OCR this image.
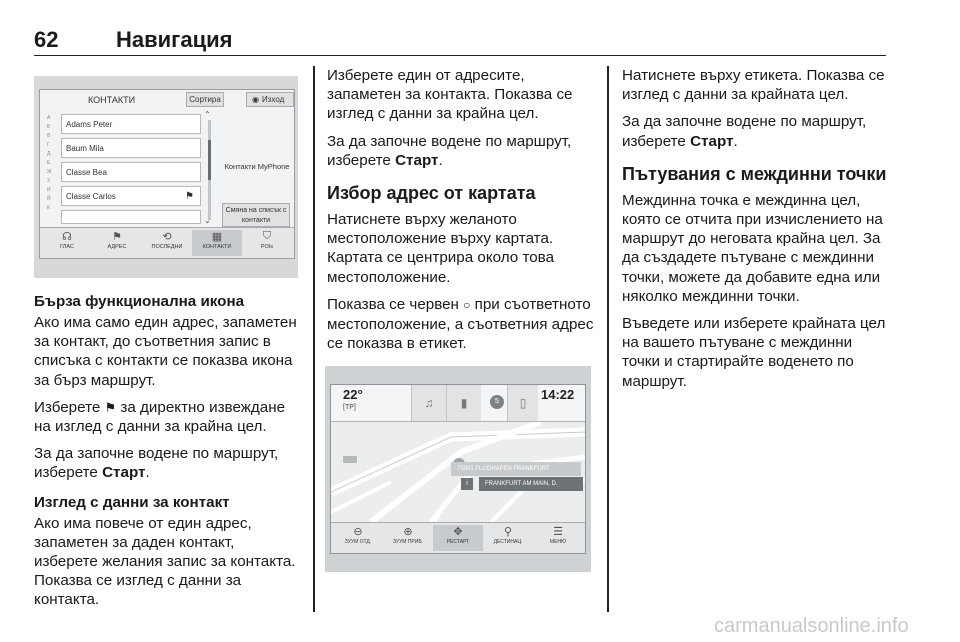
62	Навигация
КОНТАКТИ	Сортира	◉ Изход
А
Б
В
Г
Д
Е
Ж
З
И
Й
К
Adams Peter
Baum Mila
Classe Bea
Classe Carlos	⚑
⌃
⌄
Контакти MyPhone
Смяна на списък с контакти
☊
ГЛАС
⚑
АДРЕС
⟲
ПОСЛЕДНИ
▦
КОНТАКТИ
⛉
POIs
Бърза функционална икона

Ако има само един адрес, запаметен за контакт, до съответния запис в списъка с контакти се показва икона за бърз маршрут.

Изберете ⚑ за директно извеждане на изглед с данни за крайна цел.

За да започне водене по маршрут, изберете Старт.

Изглед с данни за контакт

Ако има повече от един адрес, запаметен за даден контакт, изберете желания запис за контакта. Показва се изглед с данни за контакта.

Изберете един от адресите, запаметен за контакта. Показва се изглед с данни за крайна цел.

За да започне водене по маршрут, изберете Старт.

Избор адрес от картата

Натиснете върху желаното местоположение върху картата. Картата се центрира около това местоположение.

Показва се червен ○ при съответното местоположение, а съответния адрес се показва в етикет.

22°
[TP]	♫	▮	5	▯
14:22
75001 FLUGHAFEN FRANKFURT
i	FRANKFURT AM MAIN, D.
⊖
ЗУУМ ОТД.
⊕
ЗУУМ ПРИБ.
✥
РЕСТАРТ
⚲
ДЕСТИНАЦ.
☰
МЕНЮ

Натиснете върху етикета. Показва се изглед с данни за крайната цел.

За да започне водене по маршрут, изберете Старт.

Пътувания с междинни точки

Междинна точка е междинна цел, която се отчита при изчислението на маршрут до неговата крайна цел. За да създадете пътуване с междинни точки, можете да добавите една или няколко междинни точки.

Въведете или изберете крайната цел на вашето пътуване с междинни точки и стартирайте воденето по маршрут.

carmanualsonline.info
